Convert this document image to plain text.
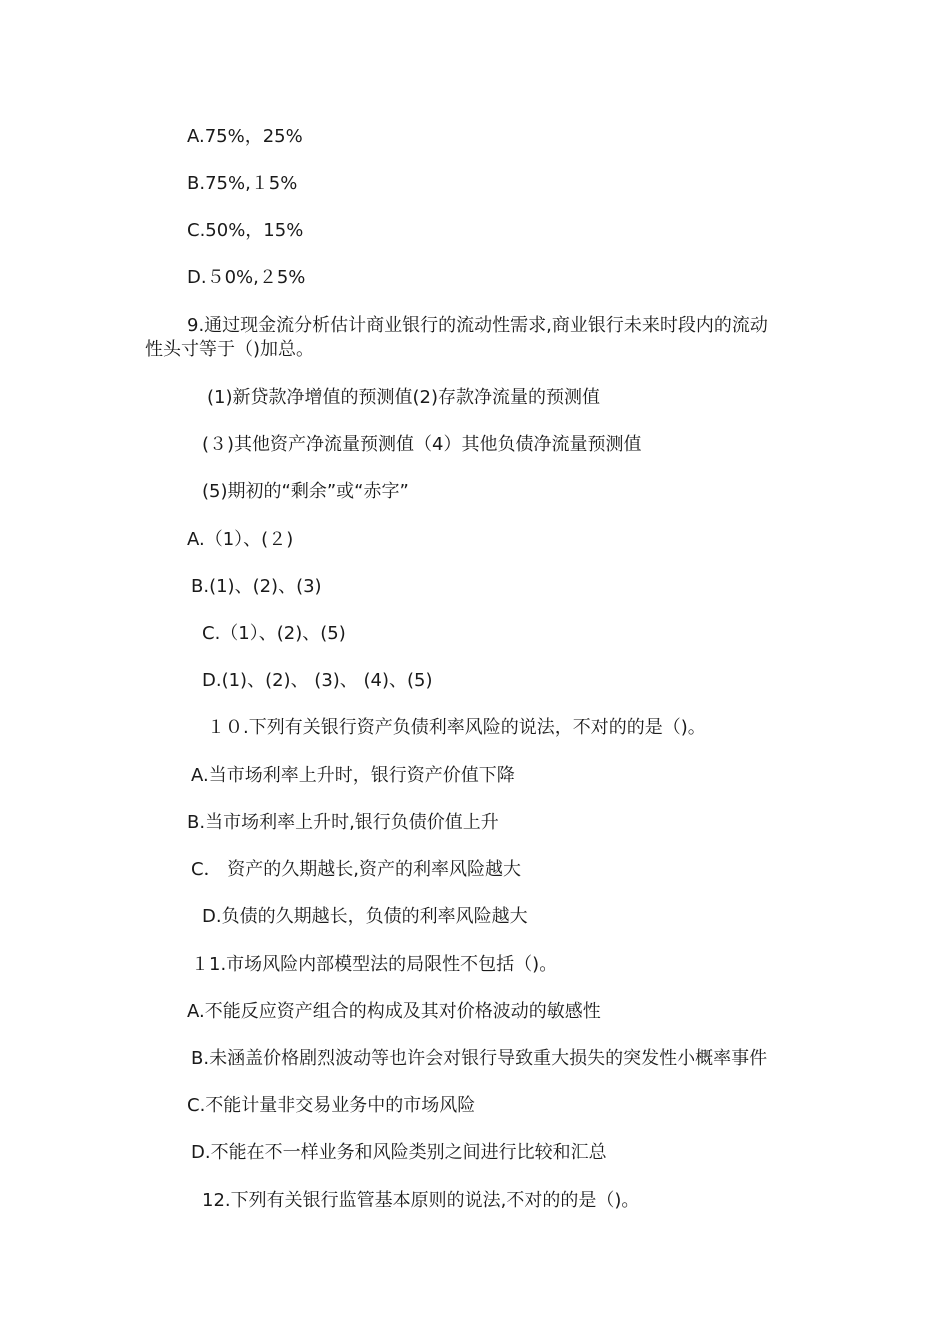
A.75%，25%
B.75%,１5%
C.50%，15%
D.５0%,２5%
9.通过现金流分析估计商业银行的流动性需求,商业银行未来时段内的流动
性头寸等于（)加总。
(1)新贷款净增值的预测值(2)存款净流量的预测值
(３)其他资产净流量预测值（4）其他负债净流量预测值
(5)期初的“剩余”或“赤字”
A.（1）、(２)
B.(1)、(2)、(3)
C.（1）、(2)、(5)
D.(1)、(2)、 (3)、 (4)、(5)
１０.下列有关银行资产负债利率风险的说法，不对的的是（)。
A.当市场利率上升时，银行资产价值下降
B.当市场利率上升时,银行负债价值上升
C． 资产的久期越长,资产的利率风险越大
D.负债的久期越长，负债的利率风险越大
１1.市场风险内部模型法的局限性不包括（)。
A.不能反应资产组合的构成及其对价格波动的敏感性
B.未涵盖价格剧烈波动等也许会对银行导致重大损失的突发性小概率事件
C.不能计量非交易业务中的市场风险
D.不能在不一样业务和风险类别之间进行比较和汇总
12.下列有关银行监管基本原则的说法,不对的的是（)。
